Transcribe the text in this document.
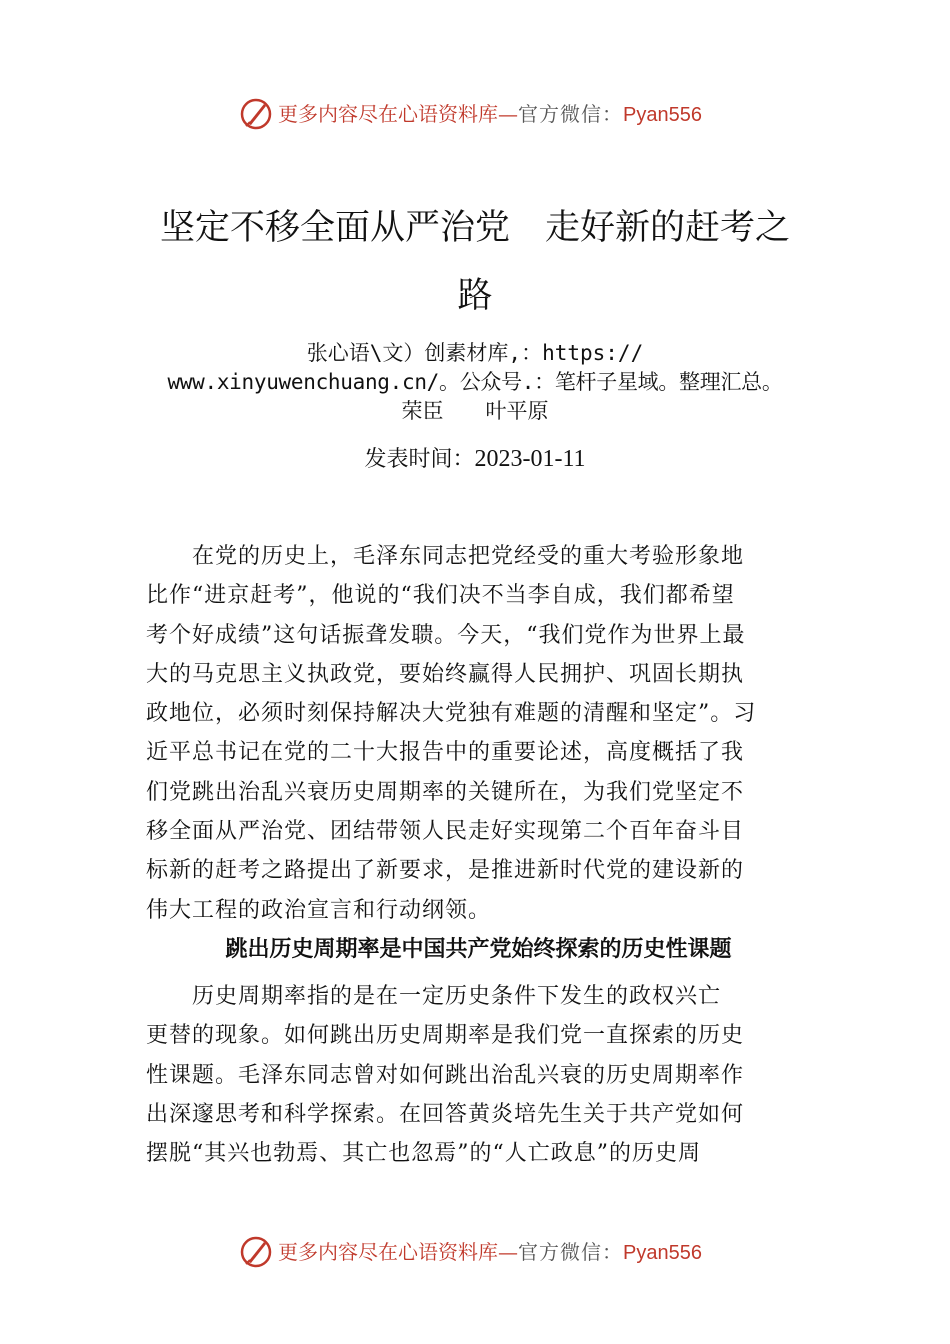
更多内容尽在心语资料库—官方微信：Pyan556
坚定不移全面从严治党　走好新的赶考之
路
张心语\文）创素材库,：https://
www.xinyuwenchuang.cn/。公众号.：笔杆子星域。整理汇总。
荣臣　　叶平原
发表时间：2023-01-11
　　在党的历史上，毛泽东同志把党经受的重大考验形象地
比作“进京赶考”，他说的“我们决不当李自成，我们都希望
考个好成绩”这句话振聋发聩。今天，“我们党作为世界上最
大的马克思主义执政党，要始终赢得人民拥护、巩固长期执
政地位，必须时刻保持解决大党独有难题的清醒和坚定”。习
近平总书记在党的二十大报告中的重要论述，高度概括了我
们党跳出治乱兴衰历史周期率的关键所在，为我们党坚定不
移全面从严治党、团结带领人民走好实现第二个百年奋斗目
标新的赶考之路提出了新要求，是推进新时代党的建设新的
伟大工程的政治宣言和行动纲领。
跳出历史周期率是中国共产党始终探索的历史性课题
　　历史周期率指的是在一定历史条件下发生的政权兴亡
更替的现象。如何跳出历史周期率是我们党一直探索的历史
性课题。毛泽东同志曾对如何跳出治乱兴衰的历史周期率作
出深邃思考和科学探索。在回答黄炎培先生关于共产党如何
摆脱“其兴也勃焉、其亡也忽焉”的“人亡政息”的历史周
更多内容尽在心语资料库—官方微信：Pyan556
